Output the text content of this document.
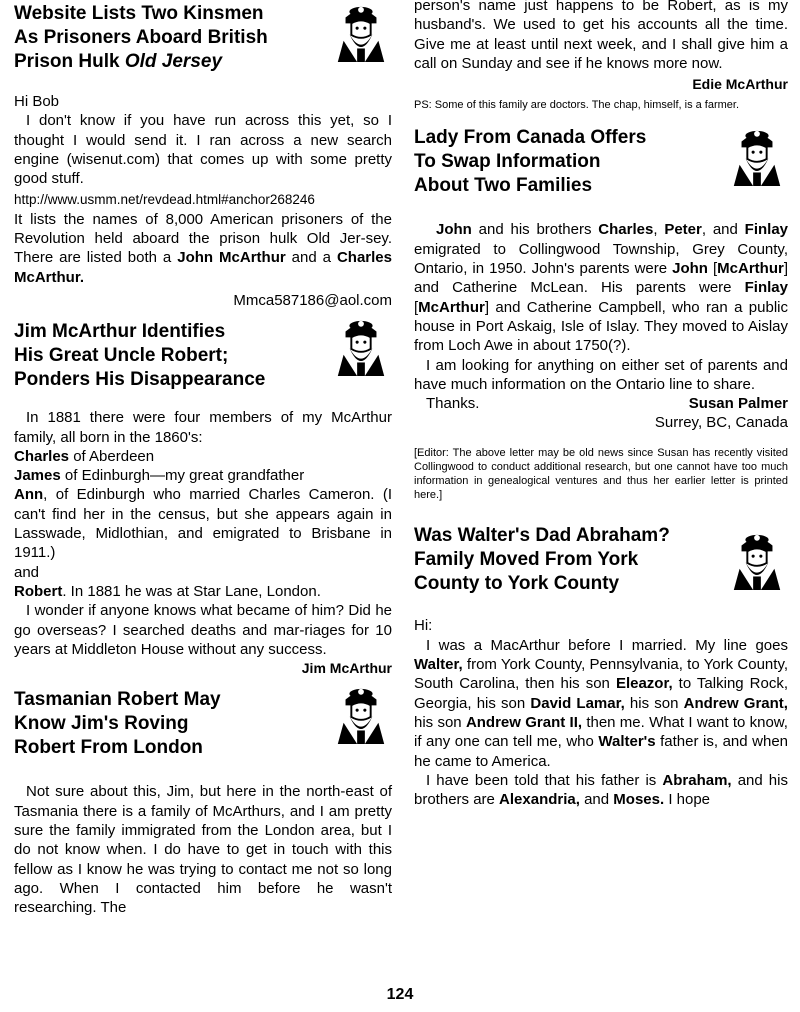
Website Lists Two Kinsmen
As Prisoners Aboard British
Prison Hulk Old Jersey

Hi Bob

I don't know if you have run across this yet, so I thought I would send it. I ran across a new search engine (wisenut.com) that comes up with some pretty good stuff.

http://www.usmm.net/revdead.html#anchor268246

It lists the names of 8,000 American prisoners of the Revolution held aboard the prison hulk Old Jer-sey. There are listed both a John McArthur and a Charles McArthur.

Mmca587186@aol.com

Jim McArthur Identifies
His Great Uncle Robert;
Ponders His Disappearance

In 1881 there were four members of my McArthur family, all born in the 1860's:

Charles of Aberdeen

James of Edinburgh—my great grandfather

Ann, of Edinburgh who married Charles Cameron. (I can't find her in the census, but she appears again in Lasswade, Midlothian, and emigrated to Brisbane in 1911.)

and

Robert. In 1881 he was at Star Lane, London.

I wonder if anyone knows what became of him? Did he go overseas? I searched deaths and mar-riages for 10 years at Middleton House without any success.

Jim McArthur

Tasmanian Robert May
Know Jim's Roving
Robert From London

Not sure about this, Jim, but here in the north-east of Tasmania there is a family of McArthurs, and I am pretty sure the family immigrated from the London area, but I do not know when. I do have to get in touch with this fellow as I know he was trying to contact me not so long ago. When I contacted him before he wasn't researching. The

person's name just happens to be Robert, as is my husband's. We used to get his accounts all the time. Give me at least until next week, and I shall give him a call on Sunday and see if he knows more now.

Edie McArthur

PS: Some of this family are doctors. The chap, himself, is a farmer.

Lady From Canada Offers
To Swap Information
About Two Families

John and his brothers Charles, Peter, and Finlay emigrated to Collingwood Township, Grey County, Ontario, in 1950. John's parents were John [McArthur] and Catherine McLean. His parents were Finlay [McArthur] and Catherine Campbell, who ran a public house in Port Askaig, Isle of Islay. They moved to Aislay from Loch Awe in about 1750(?).

I am looking for anything on either set of parents and have much information on the Ontario line to share.

Thanks.	Susan Palmer

Surrey, BC, Canada

[Editor: The above letter may be old news since Susan has recently visited Collingwood to conduct additional research, but one cannot have too much information in genealogical ventures and thus her earlier letter is printed here.]

Was Walter's Dad Abraham?
Family Moved From York
County to York County

Hi:

I was a MacArthur before I married. My line goes Walter, from York County, Pennsylvania, to York County, South Carolina, then his son Eleazor, to Talking Rock, Georgia, his son David Lamar, his son Andrew Grant, his son Andrew Grant II, then me. What I want to know, if any one can tell me, who Walter's father is, and when he came to America.

I have been told that his father is Abraham, and his brothers are Alexandria, and Moses. I hope

124
